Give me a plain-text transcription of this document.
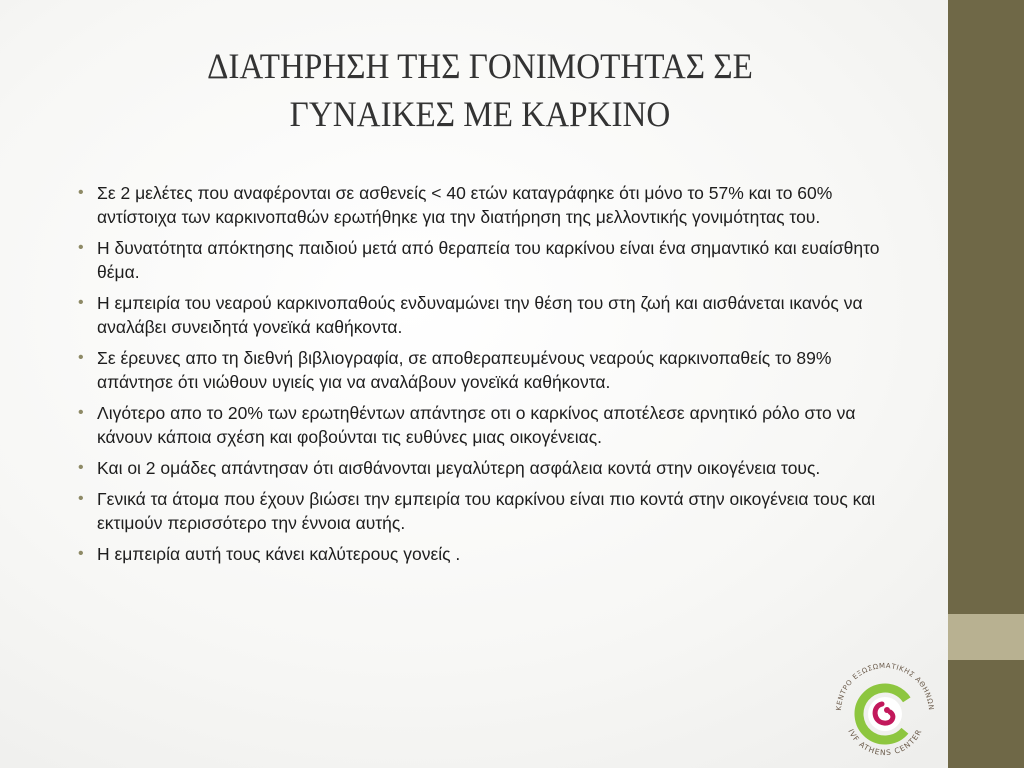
ΔΙΑΤΗΡΗΣΗ ΤΗΣ ΓΟΝΙΜΟΤΗΤΑΣ ΣΕ
ΓΥΝΑΙΚΕΣ ΜΕ ΚΑΡΚΙΝΟ
• Σε 2 μελέτες που αναφέρονται σε ασθενείς < 40 ετών καταγράφηκε ότι μόνο το 57% και το 60% αντίστοιχα των καρκινοπαθών ερωτήθηκε για την διατήρηση της μελλοντικής γονιμότητας του.
• Η δυνατότητα απόκτησης παιδιού μετά από θεραπεία του καρκίνου είναι ένα σημαντικό και ευαίσθητο θέμα.
• Η εμπειρία του νεαρού καρκινοπαθούς ενδυναμώνει την θέση του στη ζωή και αισθάνεται ικανός να αναλάβει συνειδητά γονεϊκά καθήκοντα.
• Σε έρευνες απο τη διεθνή βιβλιογραφία, σε αποθεραπευμένους νεαρούς καρκινοπαθείς το 89% απάντησε ότι νιώθουν υγιείς για να αναλάβουν γονεϊκά καθήκοντα.
• Λιγότερο απο το 20% των ερωτηθέντων απάντησε οτι ο καρκίνος αποτέλεσε αρνητικό ρόλο στο να κάνουν κάποια σχέση και φοβούνται τις ευθύνες μιας οικογένειας.
• Και οι 2 ομάδες απάντησαν ότι αισθάνονται μεγαλύτερη ασφάλεια κοντά στην οικογένεια τους.
• Γενικά τα άτομα που έχουν βιώσει την εμπειρία του καρκίνου είναι πιο κοντά στην οικογένεια τους και εκτιμούν περισσότερο την έννοια αυτής.
• Η εμπειρία αυτή τους κάνει καλύτερους γονείς .
ΚΕΝΤΡΟ ΕΞΩΣΩΜΑΤΙΚΗΣ ΑΘΗΝΩΝ
IVF ATHENS CENTER
